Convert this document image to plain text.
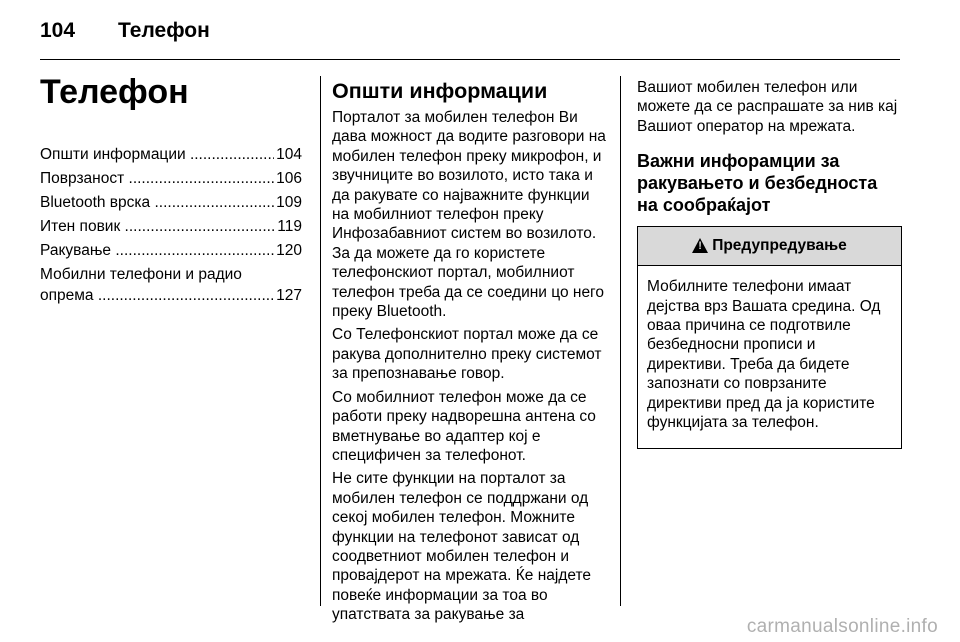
104 Телефон
Телефон
Општи информации .....	104
Поврзаност .....	106
Bluetooth врска .....	109
Итен повик .....	119
Ракување .....	120
Мобилни телефони и радио
опрема .....	127
Општи информации

Порталот за мобилен телефон Ви дава можност да водите разговори на мобилен телефон преку микрофон, и звучниците во возилото, исто така и да ракувате со најважните функции на мобилниот телефон преку Инфозабавниот систем во возилото. За да можете да го користете телефонскиот портал, мобилниот телефон треба да се соедини цо него преку Bluetooth.

Со Телефонскиот портал може да се ракува дополнително преку системот за препознавање говор.

Со мобилниот телефон може да се работи преку надворешна антена со вметнување во адаптер кој е специфичен за телефонот.

Не сите функции на порталот за мобилен телефон се поддржани од секој мобилен телефон. Можните функции на телефонот зависат од соодветниот мобилен телефон и провајдерот на мрежата. Ќе најдете повеќе информации за тоа во упатствата за ракување за

Вашиот мобилен телефон или можете да се распрашате за нив кај Вашиот оператор на мрежата.

Важни инфорамции за ракувањето и безбедноста на сообраќајот
!
Предупредување
Мобилните телефони имаат дејства врз Вашата средина. Од оваа причина се подготвиле безбедносни прописи и директиви. Треба да бидете запознати со поврзаните директиви пред да ја користите функцијата за телефон.
carmanualsonline.info
